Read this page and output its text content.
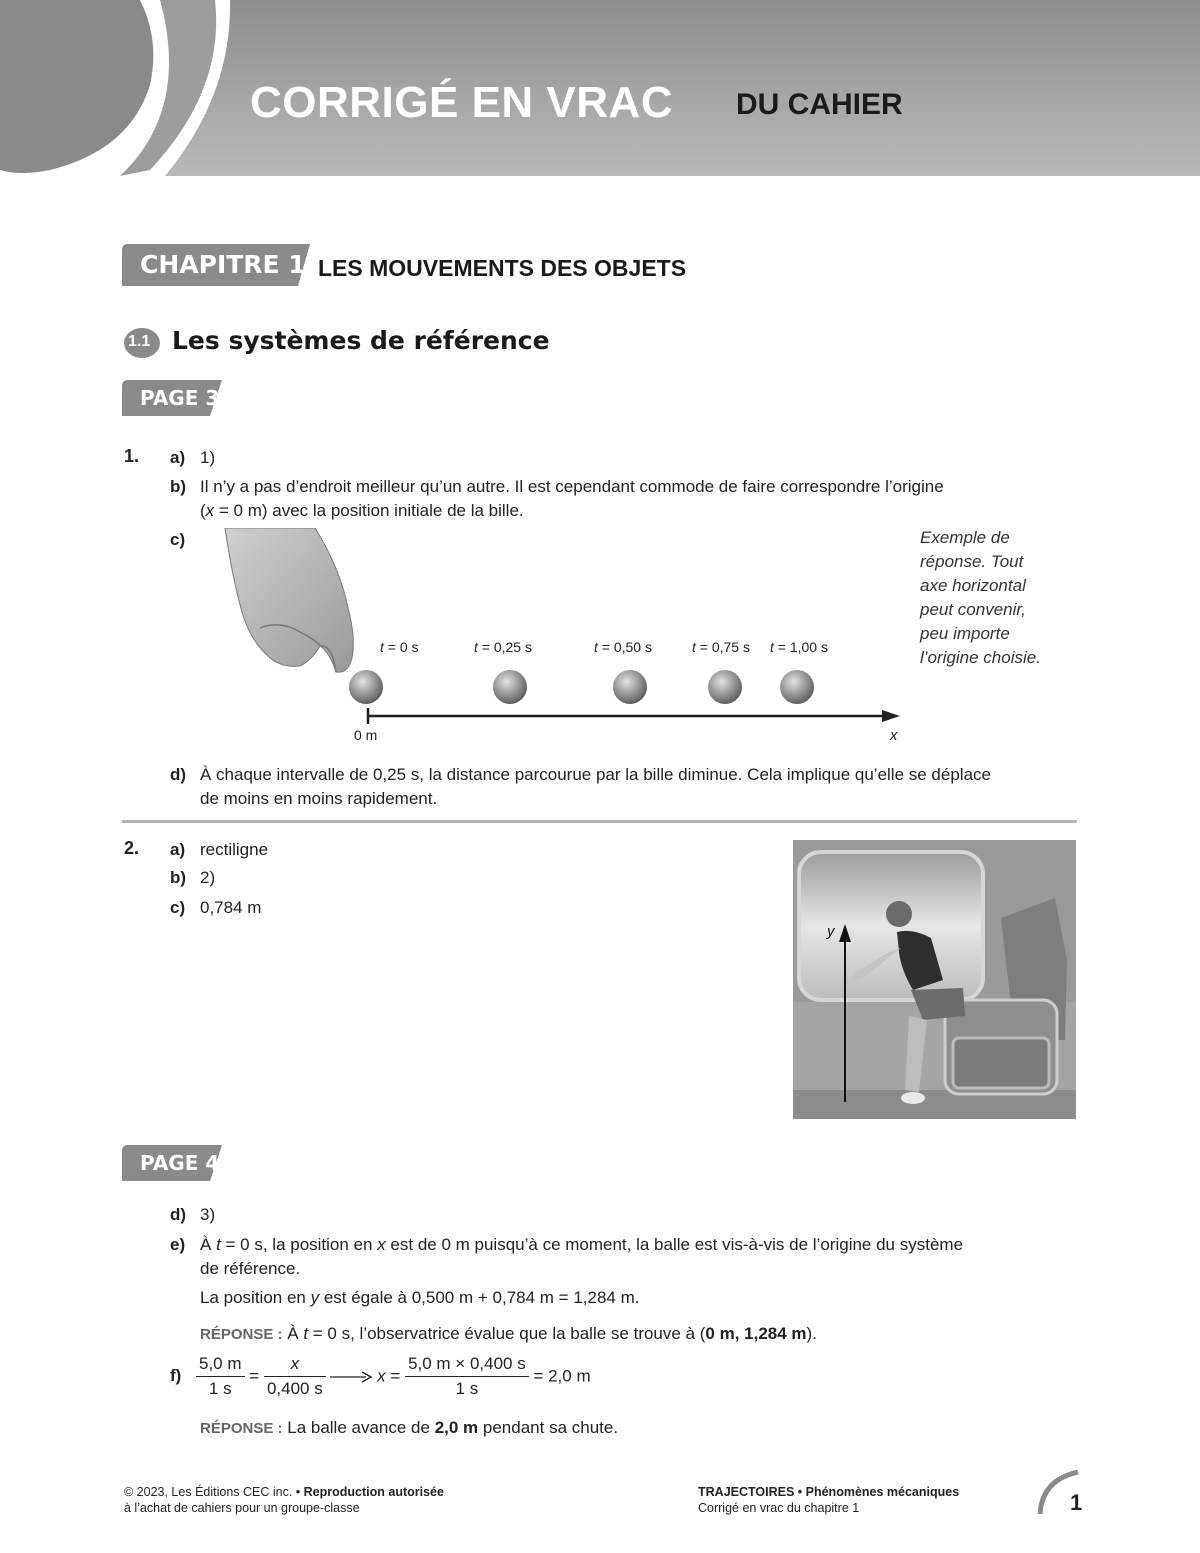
CORRIGÉ EN VRAC DU CAHIER
CHAPITRE 1 LES MOUVEMENTS DES OBJETS
1.1 Les systèmes de référence
PAGE 3
1. a) 1)
b) Il n’y a pas d’endroit meilleur qu’un autre. Il est cependant commode de faire correspondre l’origine
(x = 0 m) avec la position initiale de la bille.
c)
t = 0 s	t = 0,25 s	t = 0,50 s	t = 0,75 s t = 1,00 s
0 m	x
Exemple de
réponse. Tout
axe horizontal
peut convenir,
peu importe
l’origine choisie.
d) À chaque intervalle de 0,25 s, la distance parcourue par la bille diminue. Cela implique qu’elle se déplace
de moins en moins rapidement.
2. a) rectiligne
b) 2)
c) 0,784 m
y
PAGE 4
d) 3)
e) À t = 0 s, la position en x est de 0 m puisqu’à ce moment, la balle est vis-à-vis de l’origine du système
de référence.
La position en y est égale à 0,500 m + 0,784 m = 1,284 m.
RÉPONSE : À t = 0 s, l’observatrice évalue que la balle se trouve à (0 m, 1,284 m).
$f) \frac{5,0 m}{1 s} = \frac{x}{0,400 s}$	$x = \frac{5,0 m \times 0,400 s}{1 s} = 2,0$ m
RÉPONSE : La balle avance de 2,0 m pendant sa chute.
© 2023, Les Éditions CEC inc. • Reproduction autorisée
à l’achat de cahiers pour un groupe-classe
TRAJECTOIRES • Phénomènes mécaniques
Corrigé en vrac du chapitre 1	1
